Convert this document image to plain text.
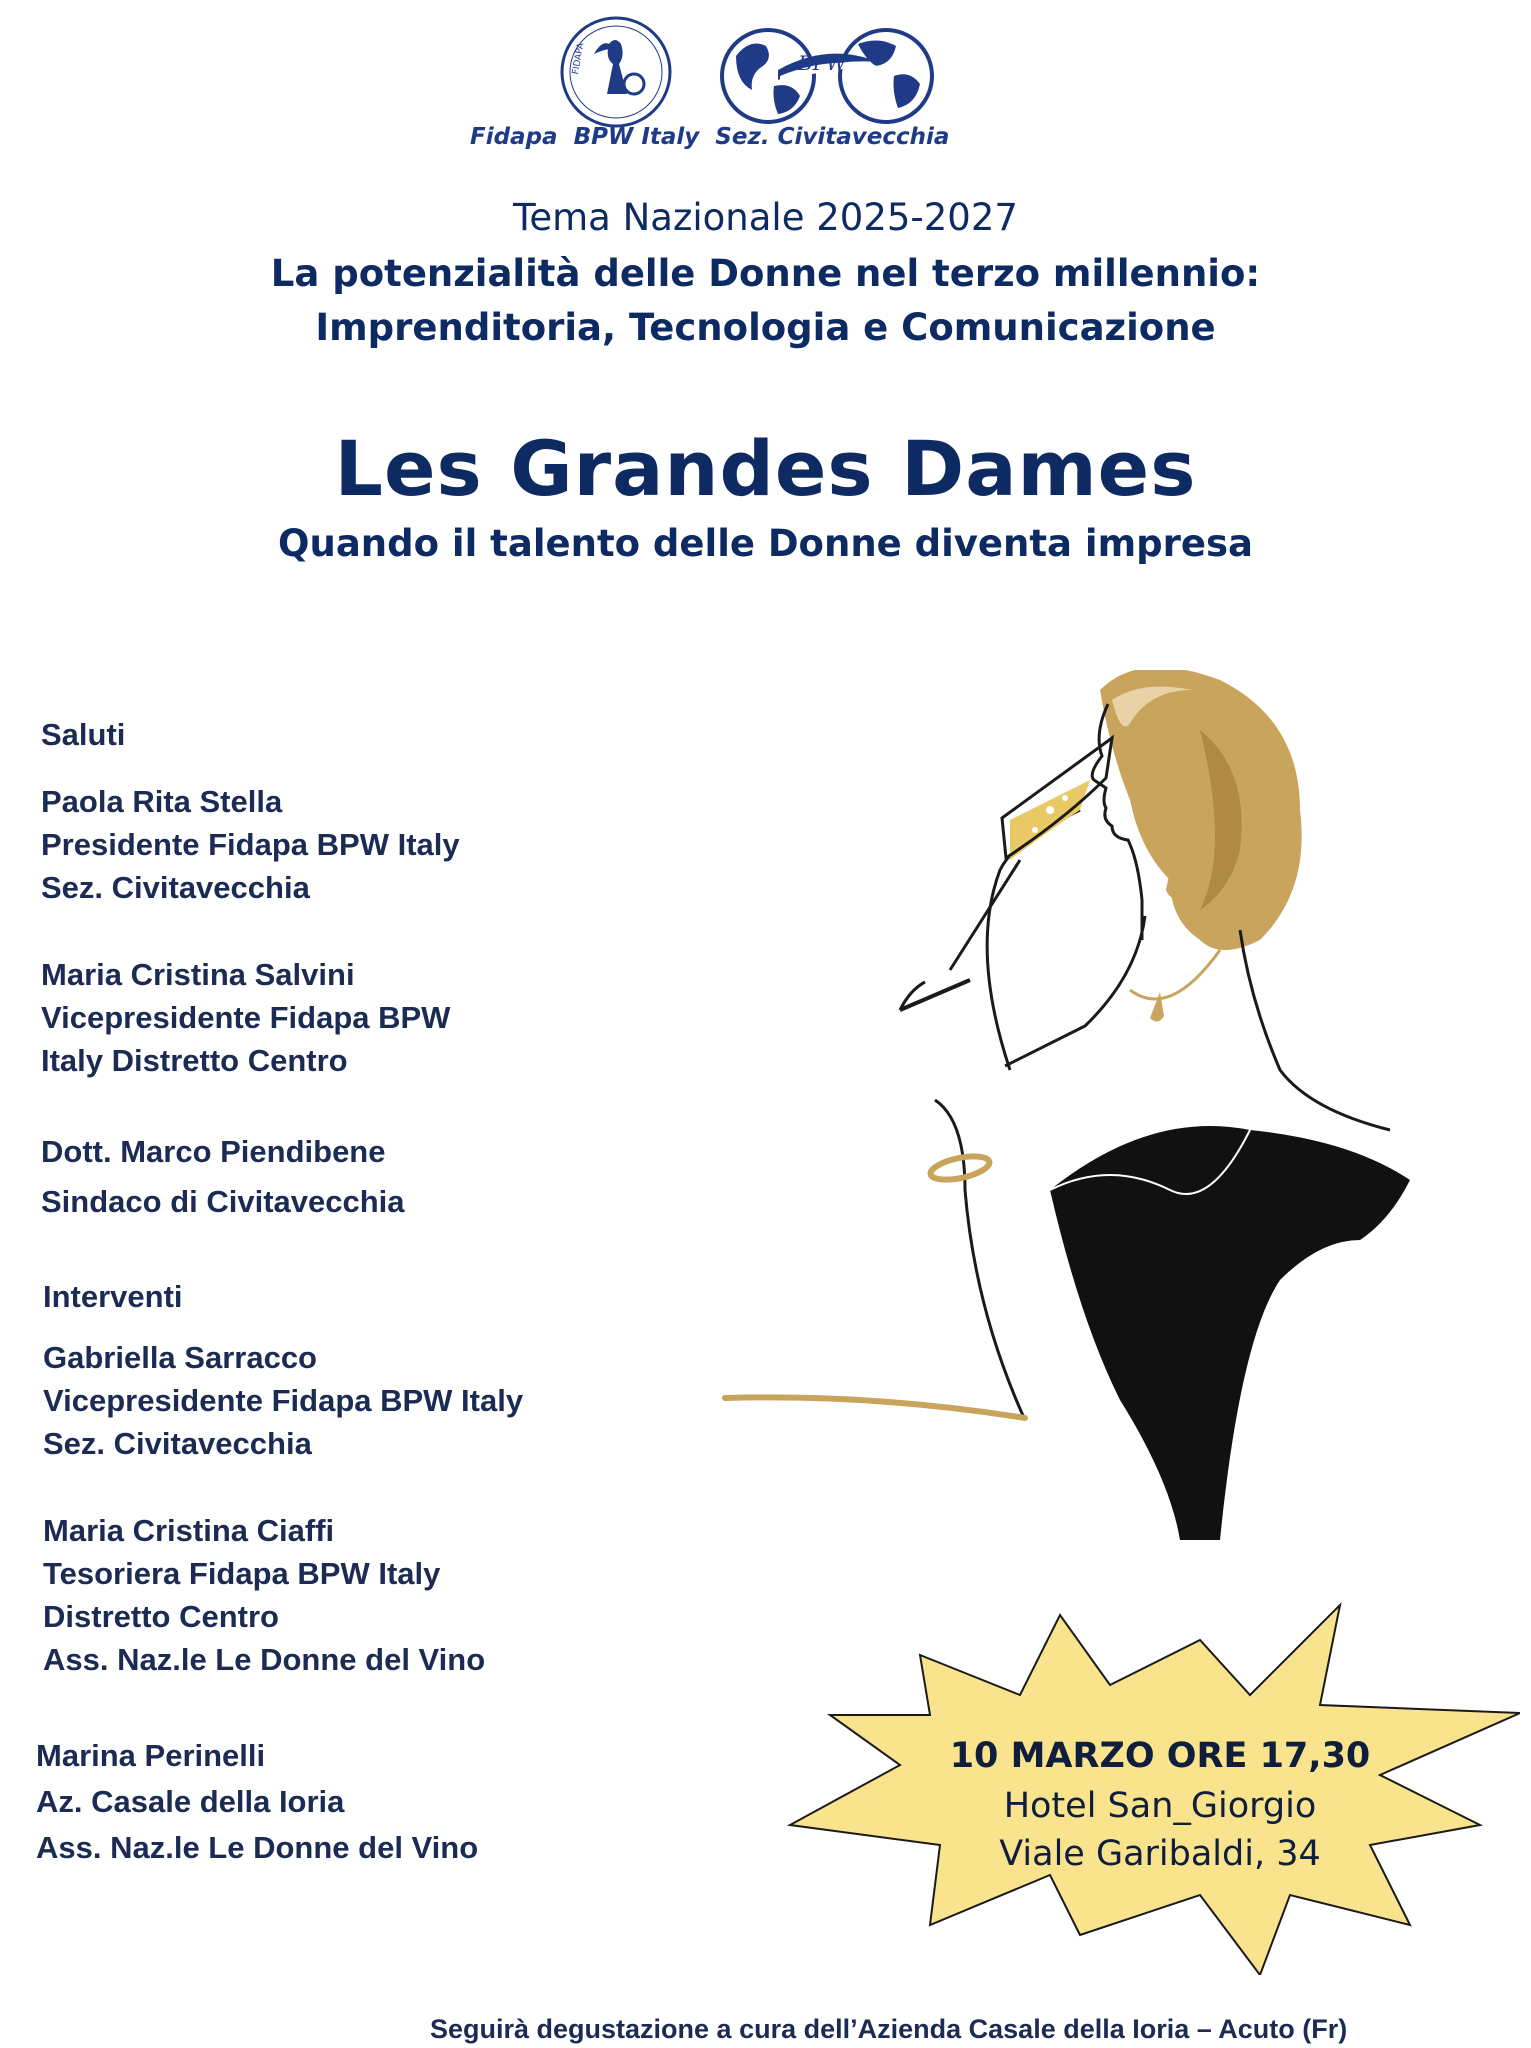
FIDAPA	BPW
Fidapa  BPW Italy  Sez. Civitavecchia
Tema Nazionale 2025-2027
La potenzialità delle Donne nel terzo millennio:
Imprenditoria, Tecnologia e Comunicazione
Les Grandes Dames
Quando il talento delle Donne diventa impresa
Saluti
Paola Rita Stella
Presidente Fidapa BPW Italy
Sez. Civitavecchia
Maria Cristina Salvini
Vicepresidente Fidapa BPW
Italy Distretto Centro
Dott. Marco Piendibene
Sindaco di Civitavecchia
Interventi
Gabriella Sarracco
Vicepresidente Fidapa BPW Italy
Sez. Civitavecchia
Maria Cristina Ciaffi
Tesoriera Fidapa BPW Italy
Distretto Centro
Ass. Naz.le Le Donne del Vino
Marina Perinelli
Az. Casale della Ioria
Ass. Naz.le Le Donne del Vino
10 MARZO ORE 17,30
Hotel San_Giorgio
Viale Garibaldi, 34
Seguirà degustazione a cura dell’Azienda Casale della Ioria – Acuto (Fr)
